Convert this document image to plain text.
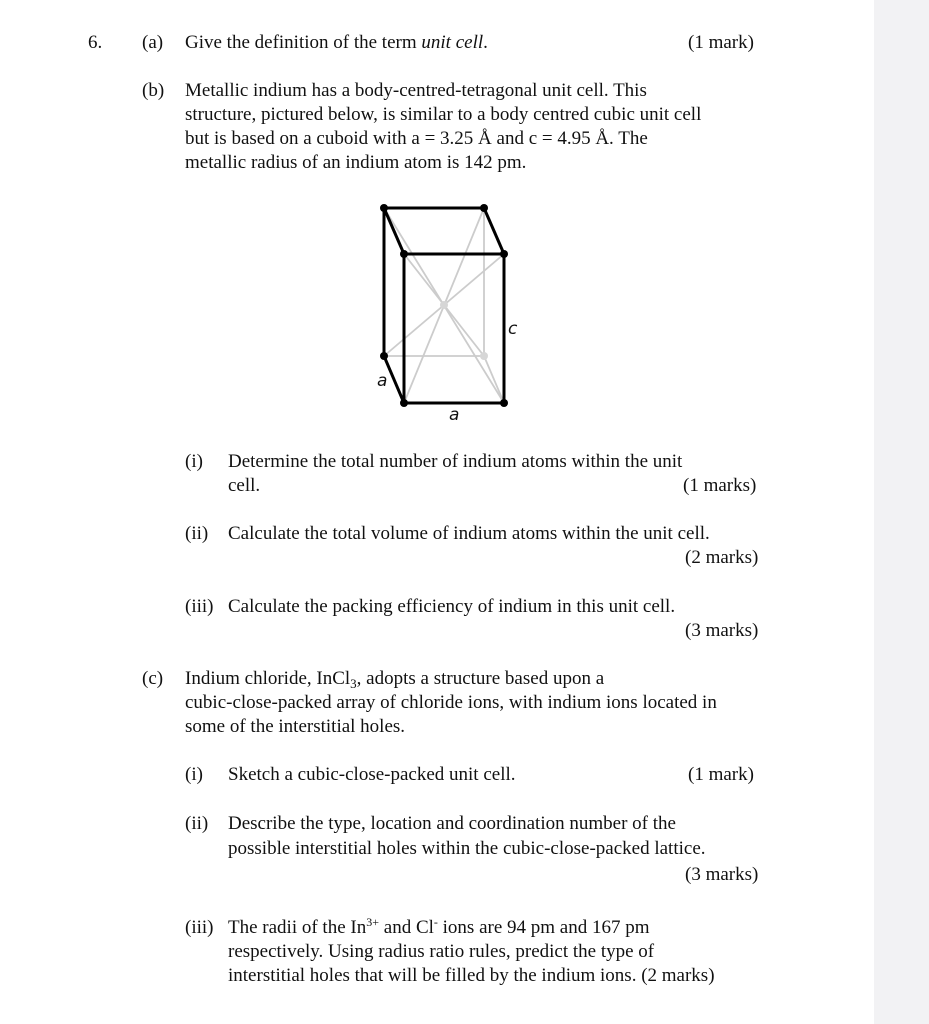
6. (a) Give the definition of the term unit cell.	(1 mark)
(b) Metallic indium has a body-centred-tetragonal unit cell. This
structure, pictured below, is similar to a body centred cubic unit cell
but is based on a cuboid with a = 3.25 Å and c = 4.95 Å. The
metallic radius of an indium atom is 142 pm.
c
a
a
(i) Determine the total number of indium atoms within the unit
cell.	(1 marks)
(ii) Calculate the total volume of indium atoms within the unit cell.
(2 marks)
(iii) Calculate the packing efficiency of indium in this unit cell.
(3 marks)
(c) Indium chloride, InCl$_3$, adopts a structure based upon a
cubic-close-packed array of chloride ions, with indium ions located in
some of the interstitial holes.
(i) Sketch a cubic-close-packed unit cell.	(1 mark)
(ii) Describe the type, location and coordination number of the
possible interstitial holes within the cubic-close-packed lattice.
(3 marks)
(iii) The radii of the $In^{3+}$ and Cl- ions are 94 pm and 167 pm
respectively. Using radius ratio rules, predict the type of
interstitial holes that will be filled by the indium ions. (2 marks)
